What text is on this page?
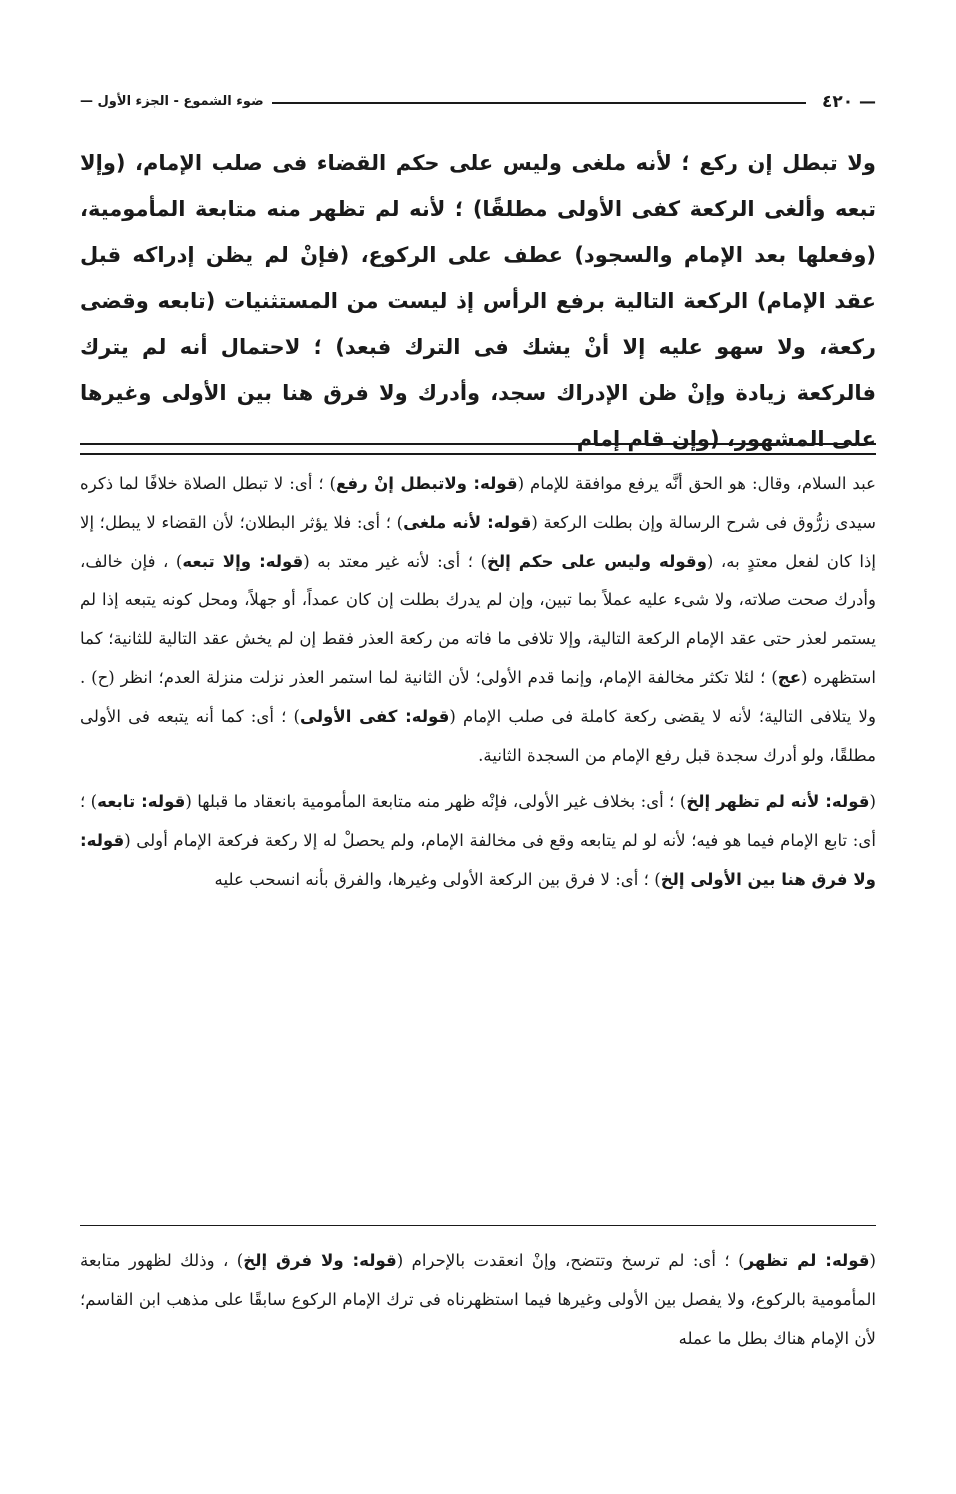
— ٤٢٠
ضوء الشموع - الجزء الأول —
ولا تبطل إن ركع ؛ لأنه ملغى وليس على حكم القضاء فى صلب الإمام، (وإلا تبعه وألغى الركعة كفى الأولى مطلقًا) ؛ لأنه لم تظهر منه متابعة المأمومية، (وفعلها بعد الإمام والسجود) عطف على الركوع، (فإنْ لم يظن إدراكه قبل عقد الإمام) الركعة التالية برفع الرأس إذ ليست من المستثنيات (تابعه وقضى ركعة، ولا سهو عليه إلا أنْ يشك فى الترك فبعد) ؛ لاحتمال أنه لم يترك فالركعة زيادة وإنْ ظن الإدراك سجد، وأدرك ولا فرق هنا بين الأولى وغيرها على المشهور، (وإن قام إمام

عبد السلام، وقال: هو الحق أنَّه يرفع موافقة للإمام (قوله: ولاتبطل إنْ رفع) ؛ أى: لا تبطل الصلاة خلافًا لما ذكره سيدى زرُّوق فى شرح الرسالة وإن بطلت الركعة (قوله: لأنه ملغى) ؛ أى: فلا يؤثر البطلان؛ لأن القضاء لا يبطل؛ إلا إذا كان لفعل معتدٍ به، (وقوله وليس على حكم إلخ) ؛ أى: لأنه غير معتد به (قوله: وإلا تبعه) ، فإن خالف، وأدرك صحت صلاته، ولا شىء عليه عملاً بما تبين، وإن لم يدرك بطلت إن كان عمداً، أو جهلاً، ومحل كونه يتبعه إذا لم يستمر لعذر حتى عقد الإمام الركعة التالية، وإلا تلافى ما فاته من ركعة العذر فقط إن لم يخش عقد التالية للثانية؛ كما استظهره (عج) ؛ لئلا تكثر مخالفة الإمام، وإنما قدم الأولى؛ لأن الثانية لما استمر العذر نزلت منزلة العدم؛ انظر (ح) . ولا يتلافى التالية؛ لأنه لا يقضى ركعة كاملة فى صلب الإمام (قوله: كفى الأولى) ؛ أى: كما أنه يتبعه فى الأولى مطلقًا، ولو أدرك سجدة قبل رفع الإمام من السجدة الثانية.

(قوله: لأنه لم تظهر إلخ) ؛ أى: بخلاف غير الأولى، فإنْه ظهر منه متابعة المأمومية بانعقاد ما قبلها (قوله: تابعه) ؛ أى: تابع الإمام فيما هو فيه؛ لأنه لو لم يتابعه وقع فى مخالفة الإمام، ولم يحصلْ له إلا ركعة فركعة الإمام أولى (قوله: ولا فرق هنا بين الأولى إلخ) ؛ أى: لا فرق بين الركعة الأولى وغيرها، والفرق بأنه انسحب عليه

(قوله: لم تظهر) ؛ أى: لم ترسخ وتتضح، وإنْ انعقدت بالإحرام (قوله: ولا فرق إلخ) ، وذلك لظهور متابعة المأمومية بالركوع، ولا يفصل بين الأولى وغيرها فيما استظهرناه فى ترك الإمام الركوع سابقًا على مذهب ابن القاسم؛ لأن الإمام هناك بطل ما عمله
